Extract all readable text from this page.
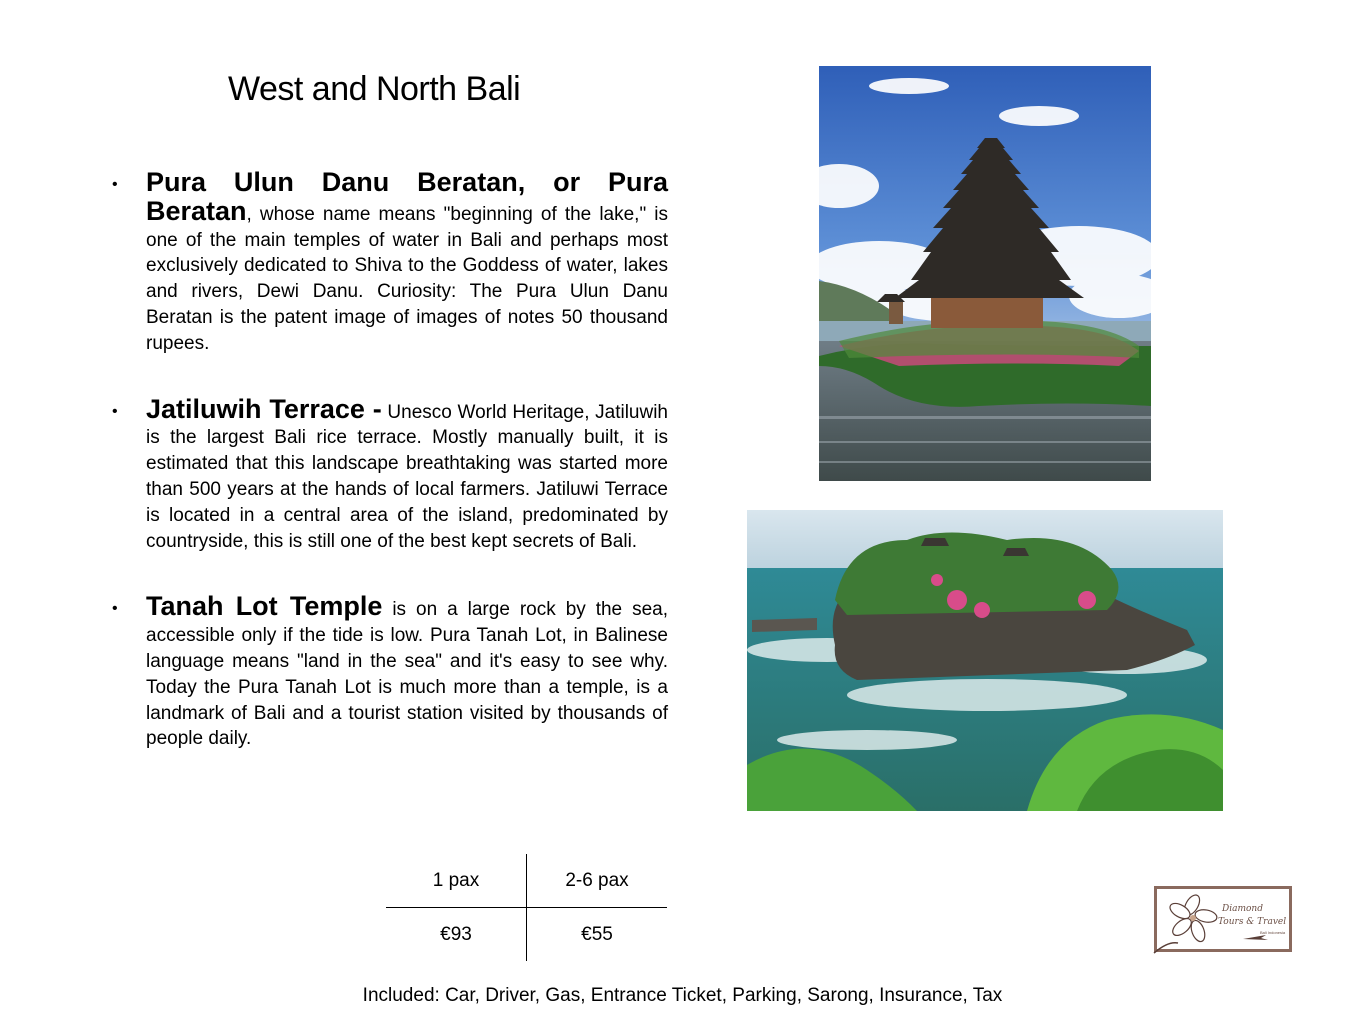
West and North Bali
• Pura Ulun Danu Beratan, or Pura Beratan, whose name means "beginning of the lake," is one of the main temples of water in Bali and perhaps most exclusively dedicated to Shiva to the Goddess of water, lakes and rivers, Dewi Danu. Curiosity: The Pura Ulun Danu Beratan is the patent image of images of notes 50 thousand rupees.
• Jatiluwih Terrace - Unesco World Heritage, Jatiluwih is the largest Bali rice terrace. Mostly manually built, it is estimated that this landscape breathtaking was started more than 500 years at the hands of local farmers. Jatiluwi Terrace is located in a central area of the island, predominated by countryside, this is still one of the best kept secrets of Bali.
• Tanah Lot Temple is on a large rock by the sea, accessible only if the tide is low. Pura Tanah Lot, in Balinese language means "land in the sea" and it's easy to see why. Today the Pura Tanah Lot is much more than a temple, is a landmark of Bali and a tourist station visited by thousands of people daily.
1 pax	2-6 pax
€93	€55
Included: Car, Driver, Gas, Entrance Ticket, Parking, Sarong, Insurance, Tax
Diamond
Tours & Travel
Bali Indonesia
